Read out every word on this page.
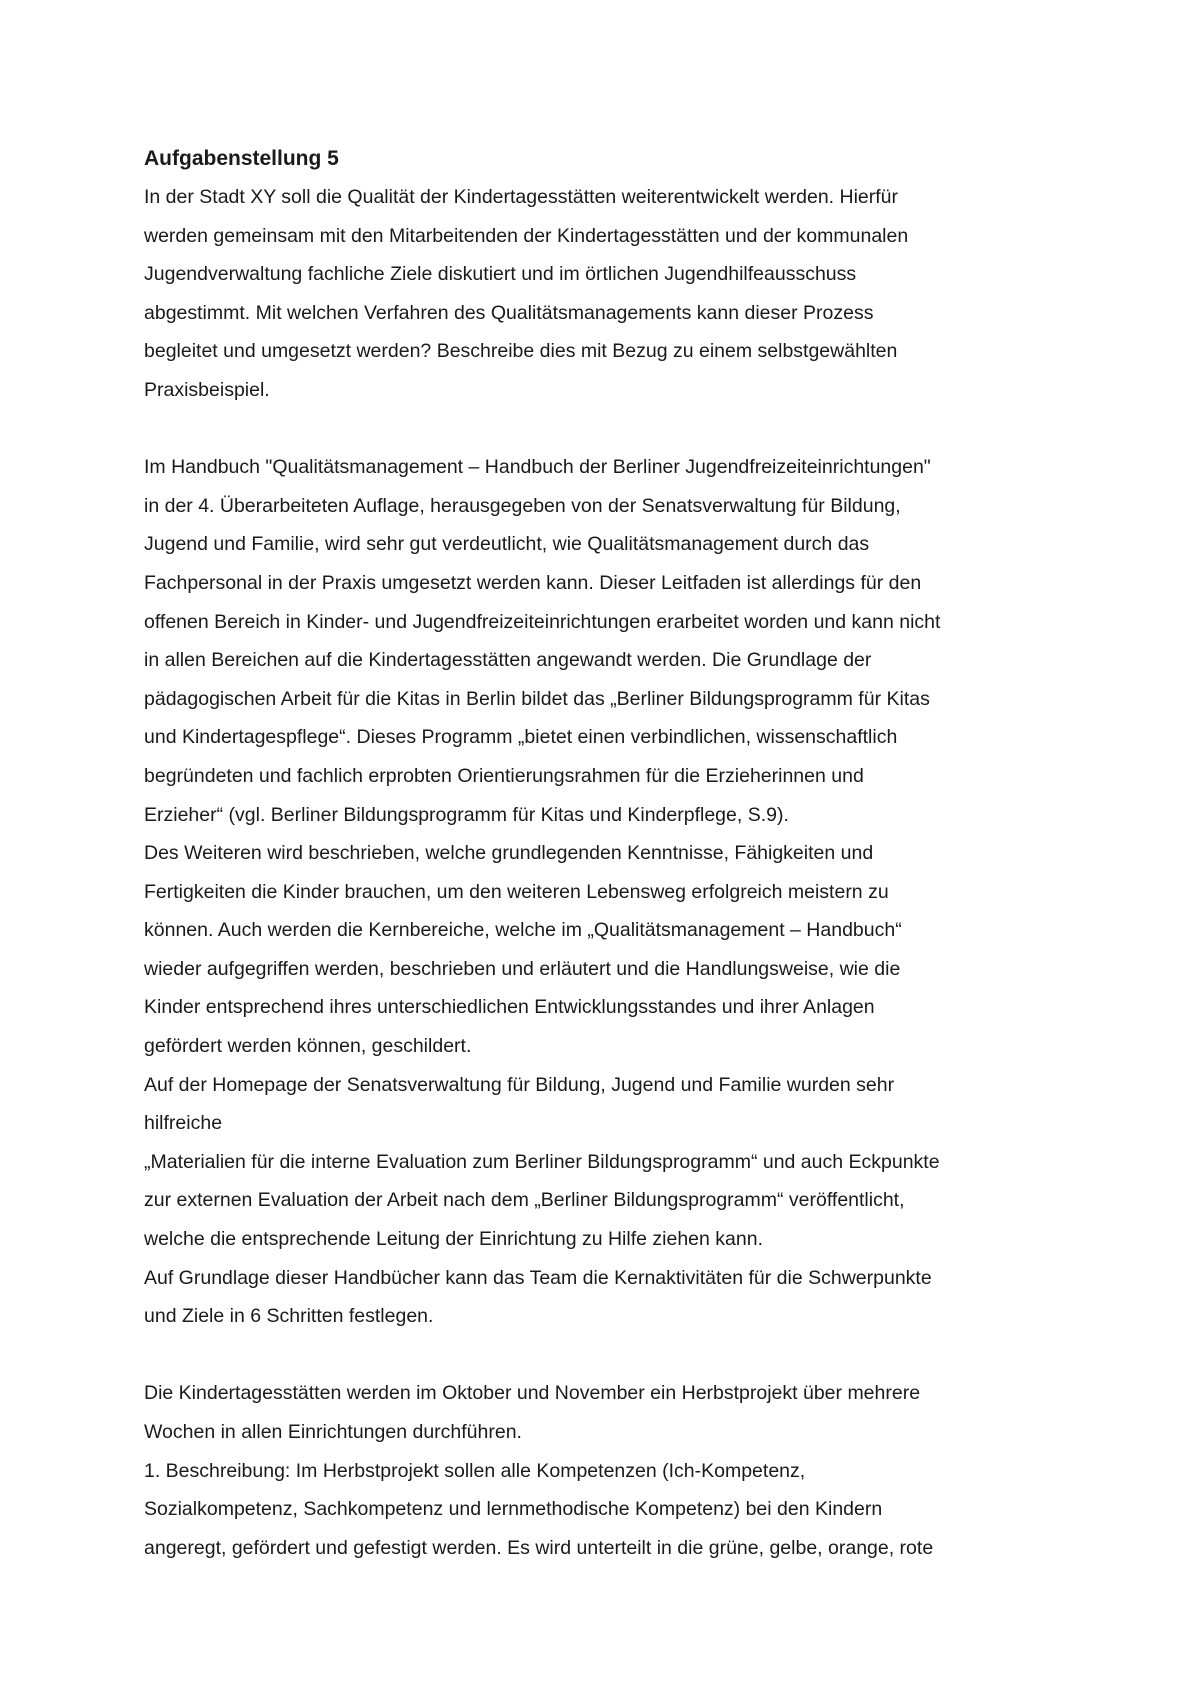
Aufgabenstellung 5
In der Stadt XY soll die Qualität der Kindertagesstätten weiterentwickelt werden. Hierfür
werden gemeinsam mit den Mitarbeitenden der Kindertagesstätten und der kommunalen
Jugendverwaltung fachliche Ziele diskutiert und im örtlichen Jugendhilfeausschuss
abgestimmt. Mit welchen Verfahren des Qualitätsmanagements kann dieser Prozess
begleitet und umgesetzt werden? Beschreibe dies mit Bezug zu einem selbstgewählten
Praxisbeispiel.
Im Handbuch "Qualitätsmanagement – Handbuch der Berliner Jugendfreizeiteinrichtungen"
in der 4. Überarbeiteten Auflage, herausgegeben von der Senatsverwaltung für Bildung,
Jugend und Familie, wird sehr gut verdeutlicht, wie Qualitätsmanagement durch das
Fachpersonal in der Praxis umgesetzt werden kann. Dieser Leitfaden ist allerdings für den
offenen Bereich in Kinder- und Jugendfreizeiteinrichtungen erarbeitet worden und kann nicht
in allen Bereichen auf die Kindertagesstätten angewandt werden. Die Grundlage der
pädagogischen Arbeit für die Kitas in Berlin bildet das „Berliner Bildungsprogramm für Kitas
und Kindertagespflege“. Dieses Programm „bietet einen verbindlichen, wissenschaftlich
begründeten und fachlich erprobten Orientierungsrahmen für die Erzieherinnen und
Erzieher“ (vgl. Berliner Bildungsprogramm für Kitas und Kinderpflege, S.9).
Des Weiteren wird beschrieben, welche grundlegenden Kenntnisse, Fähigkeiten und
Fertigkeiten die Kinder brauchen, um den weiteren Lebensweg erfolgreich meistern zu
können. Auch werden die Kernbereiche, welche im „Qualitätsmanagement – Handbuch“
wieder aufgegriffen werden, beschrieben und erläutert und die Handlungsweise, wie die
Kinder entsprechend ihres unterschiedlichen Entwicklungsstandes und ihrer Anlagen
gefördert werden können, geschildert.
Auf der Homepage der Senatsverwaltung für Bildung, Jugend und Familie wurden sehr
hilfreiche
„Materialien für die interne Evaluation zum Berliner Bildungsprogramm“ und auch Eckpunkte
zur externen Evaluation der Arbeit nach dem „Berliner Bildungsprogramm“ veröffentlicht,
welche die entsprechende Leitung der Einrichtung zu Hilfe ziehen kann.
Auf Grundlage dieser Handbücher kann das Team die Kernaktivitäten für die Schwerpunkte
und Ziele in 6 Schritten festlegen.
Die Kindertagesstätten werden im Oktober und November ein Herbstprojekt über mehrere
Wochen in allen Einrichtungen durchführen.
1. Beschreibung: Im Herbstprojekt sollen alle Kompetenzen (Ich-Kompetenz,
Sozialkompetenz, Sachkompetenz und lernmethodische Kompetenz) bei den Kindern
angeregt, gefördert und gefestigt werden. Es wird unterteilt in die grüne, gelbe, orange, rote
